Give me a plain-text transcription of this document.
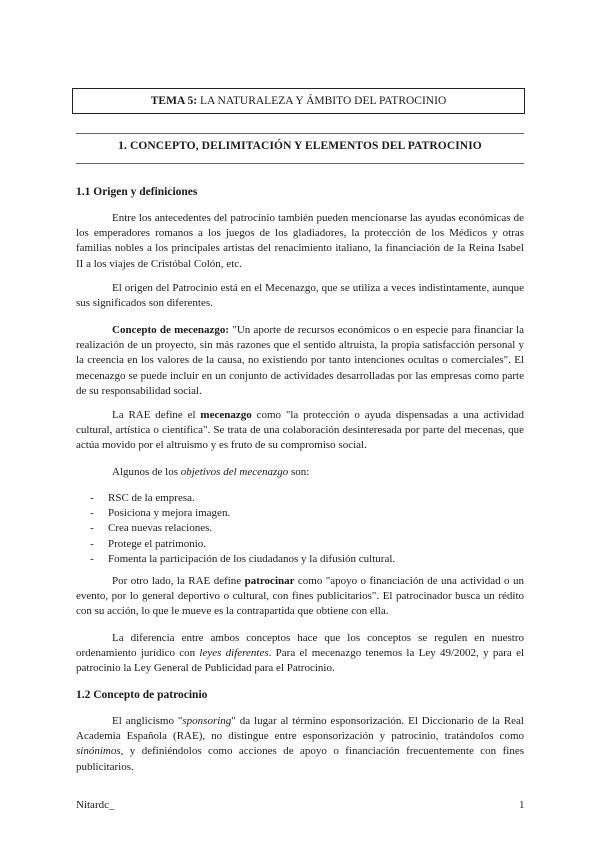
TEMA 5: LA NATURALEZA Y ÁMBITO DEL PATROCINIO
1. CONCEPTO, DELIMITACIÓN Y ELEMENTOS DEL PATROCINIO
1.1 Origen y definiciones

Entre los antecedentes del patrocinio también pueden mencionarse las ayudas económicas de los emperadores romanos a los juegos de los gladiadores, la protección de los Médicos y otras familias nobles a los principales artistas del renacimiento italiano, la financiación de la Reina Isabel II a los viajes de Cristóbal Colón, etc.

El origen del Patrocinio está en el Mecenazgo, que se utiliza a veces indistintamente, aunque sus significados son diferentes.

Concepto de mecenazgo: "Un aporte de recursos económicos o en especie para financiar la realización de un proyecto, sin más razones que el sentido altruista, la propia satisfacción personal y la creencia en los valores de la causa, no existiendo por tanto intenciones ocultas o comerciales". El mecenazgo se puede incluir en un conjunto de actividades desarrolladas por las empresas como parte de su responsabilidad social.

La RAE define el mecenazgo como "la protección o ayuda dispensadas a una actividad cultural, artística o científica". Se trata de una colaboración desinteresada por parte del mecenas, que actúa movido por el altruismo y es fruto de su compromiso social.

Algunos de los objetivos del mecenazgo son:

- RSC de la empresa.
- Posiciona y mejora imagen.
- Crea nuevas relaciones.
- Protege el patrimonio.
- Fomenta la participación de los ciudadanos y la difusión cultural.

Por otro lado, la RAE define patrocinar como "apoyo o financiación de una actividad o un evento, por lo general deportivo o cultural, con fines publicitarios". El patrocinador busca un rédito con su acción, lo que le mueve es la contrapartida que obtiene con ella.

La diferencia entre ambos conceptos hace que los conceptos se regulen en nuestro ordenamiento jurídico con leyes diferentes. Para el mecenazgo tenemos la Ley 49/2002, y para el patrocinio la Ley General de Publicidad para el Patrocinio.

1.2 Concepto de patrocinio

El anglicismo "sponsoring" da lugar al término esponsorización. El Diccionario de la Real Academia Española (RAE), no distingue entre esponsorización y patrocinio, tratándolos como sinónimos, y definiéndolos como acciones de apoyo o financiación frecuentemente con fines publicitarios.

Nitardc_	1
